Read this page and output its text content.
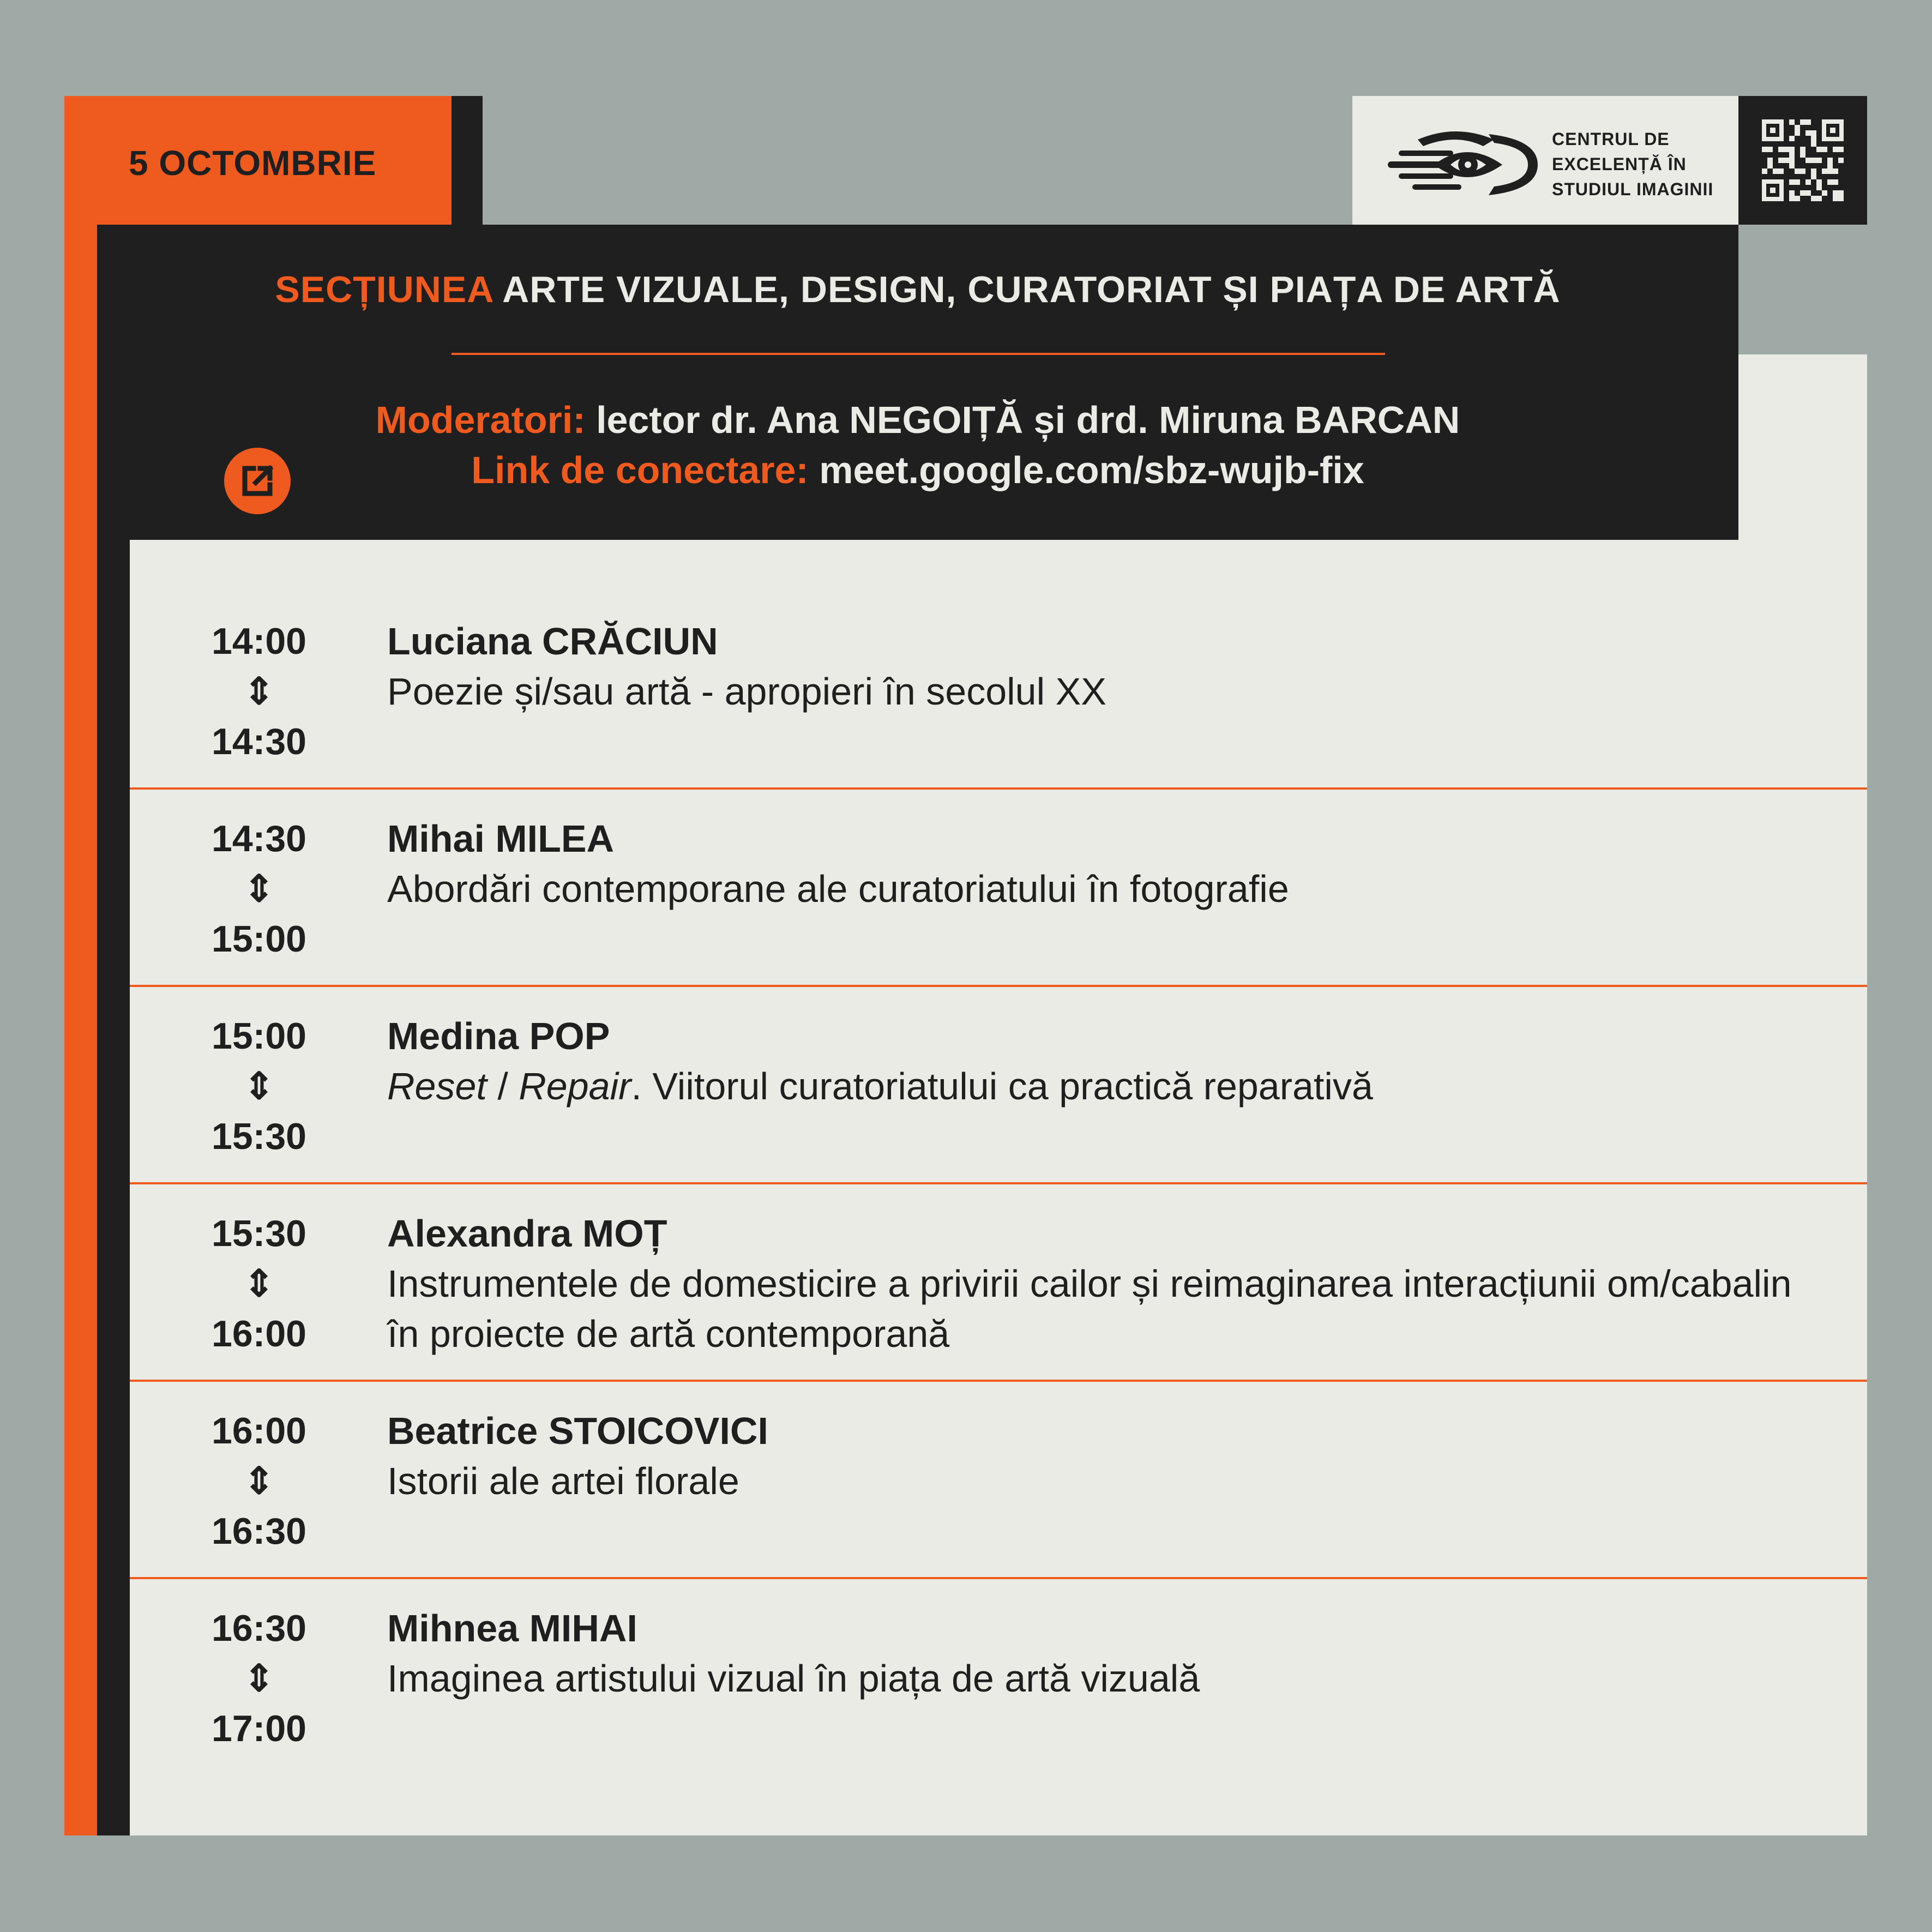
5 OCTOMBRIE
CENTRUL DE
EXCELENȚĂ ÎN
STUDIUL IMAGINII
SECȚIUNEA ARTE VIZUALE, DESIGN, CURATORIAT ȘI PIAȚA DE ARTĂ
Moderatori: lector dr. Ana NEGOIȚĂ și drd. Miruna BARCAN
Link de conectare: meet.google.com/sbz-wujb-fix
14:00
⇕
14:30
Luciana CRĂCIUN
Poezie și/sau artă - apropieri în secolul XX
14:30
⇕
15:00
Mihai MILEA
Abordări contemporane ale curatoriatului în fotografie
15:00
⇕
15:30
Medina POP
Reset / Repair. Viitorul curatoriatului ca practică reparativă
15:30
⇕
16:00
Alexandra MOȚ
Instrumentele de domesticire a privirii cailor și reimaginarea interacțiunii om/cabalin în proiecte de artă contemporană
16:00
⇕
16:30
Beatrice STOICOVICI
Istorii ale artei florale
16:30
⇕
17:00
Mihnea MIHAI
Imaginea artistului vizual în piața de artă vizuală
